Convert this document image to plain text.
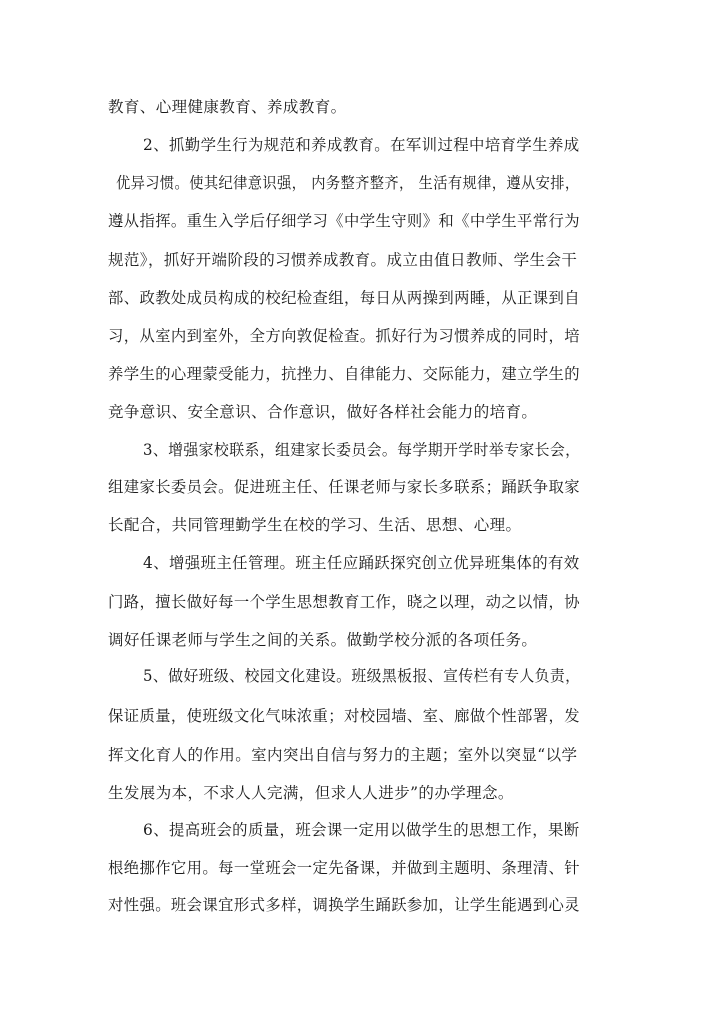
教育、心理健康教育、养成教育。
2、抓勤学生行为规范和养成教育。在军训过程中培育学生养成
优异习惯。使其纪律意识强， 内务整齐整齐， 生活有规律，遵从安排，
遵从指挥。重生入学后仔细学习《中学生守则》和《中学生平常行为
规范》，抓好开端阶段的习惯养成教育。成立由值日教师、学生会干
部、政教处成员构成的校纪检查组，每日从两操到两睡，从正课到自
习，从室内到室外，全方向敦促检查。抓好行为习惯养成的同时，培
养学生的心理蒙受能力，抗挫力、自律能力、交际能力，建立学生的
竞争意识、安全意识、合作意识，做好各样社会能力的培育。
3、增强家校联系，组建家长委员会。每学期开学时举专家长会，
组建家长委员会。促进班主任、任课老师与家长多联系；踊跃争取家
长配合，共同管理勤学生在校的学习、生活、思想、心理。
4、增强班主任管理。班主任应踊跃探究创立优异班集体的有效
门路，擅长做好每一个学生思想教育工作，晓之以理，动之以情，协
调好任课老师与学生之间的关系。做勤学校分派的各项任务。
5、做好班级、校园文化建设。班级黑板报、宣传栏有专人负责，
保证质量，使班级文化气味浓重；对校园墙、室、廊做个性部署，发
挥文化育人的作用。室内突出自信与努力的主题；室外以突显“以学
生发展为本，不求人人完满，但求人人进步”的办学理念。
6、提高班会的质量，班会课一定用以做学生的思想工作，果断
根绝挪作它用。每一堂班会一定先备课，并做到主题明、条理清、针
对性强。班会课宜形式多样，调换学生踊跃参加，让学生能遇到心灵
